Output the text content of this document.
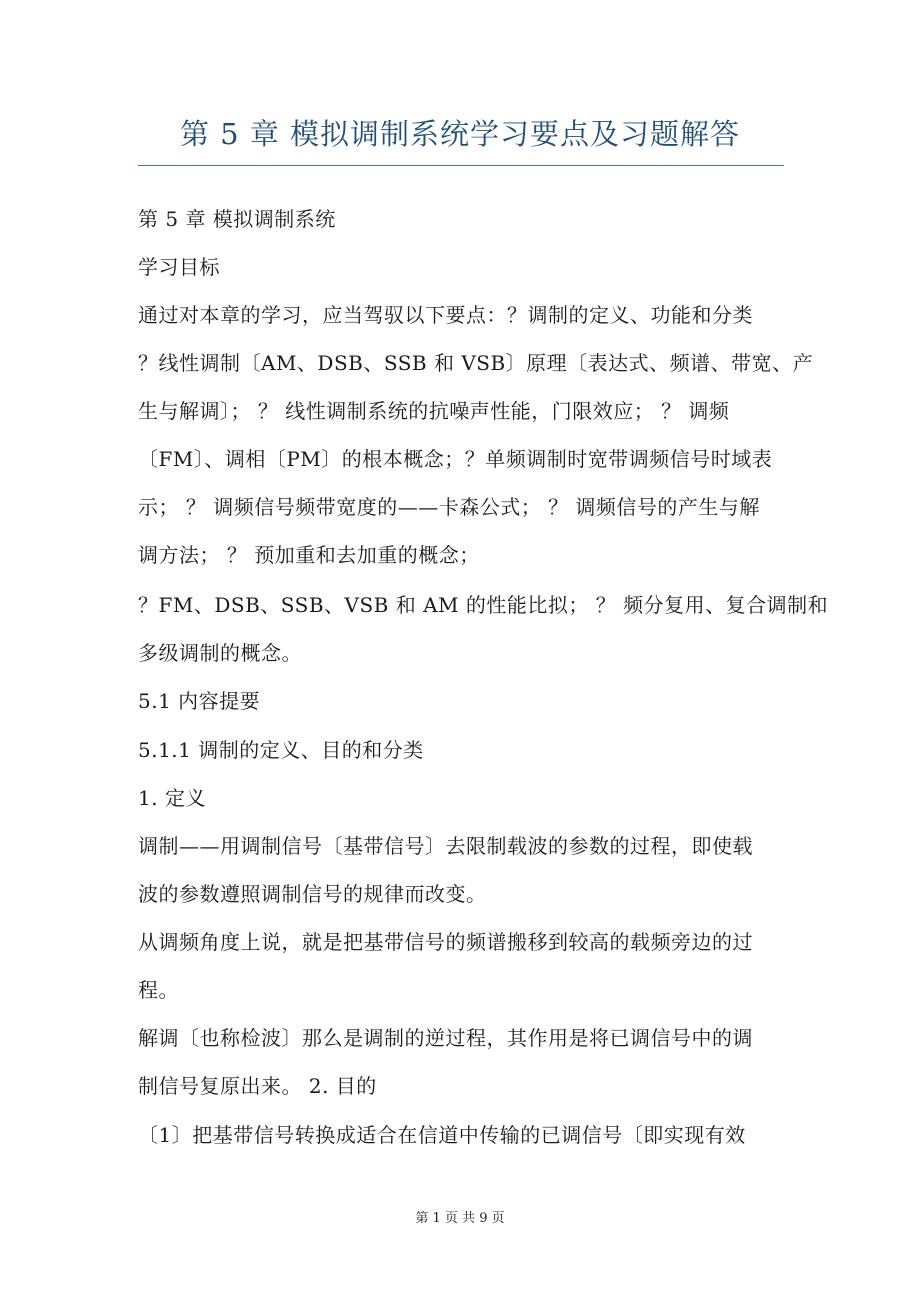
第 5 章 模拟调制系统学习要点及习题解答
第 5 章 模拟调制系统
学习目标
通过对本章的学习，应当驾驭以下要点：？调制的定义、功能和分类
？线性调制〔AM、DSB、SSB 和 VSB〕原理〔表达式、频谱、带宽、产
生与解调〕； ？ 线性调制系统的抗噪声性能，门限效应； ？ 调频
〔FM〕、调相〔PM〕的根本概念；？单频调制时宽带调频信号时域表
示； ？ 调频信号频带宽度的——卡森公式； ？ 调频信号的产生与解
调方法； ？ 预加重和去加重的概念；
？FM、DSB、SSB、VSB 和 AM 的性能比拟； ？ 频分复用、复合调制和
多级调制的概念。
5.1 内容提要
5.1.1 调制的定义、目的和分类
1. 定义
调制——用调制信号〔基带信号〕去限制载波的参数的过程，即使载
波的参数遵照调制信号的规律而改变。
从调频角度上说，就是把基带信号的频谱搬移到较高的载频旁边的过
程。
解调〔也称检波〕那么是调制的逆过程，其作用是将已调信号中的调
制信号复原出来。 2. 目的
〔1〕把基带信号转换成适合在信道中传输的已调信号〔即实现有效
第 1 页 共 9 页
